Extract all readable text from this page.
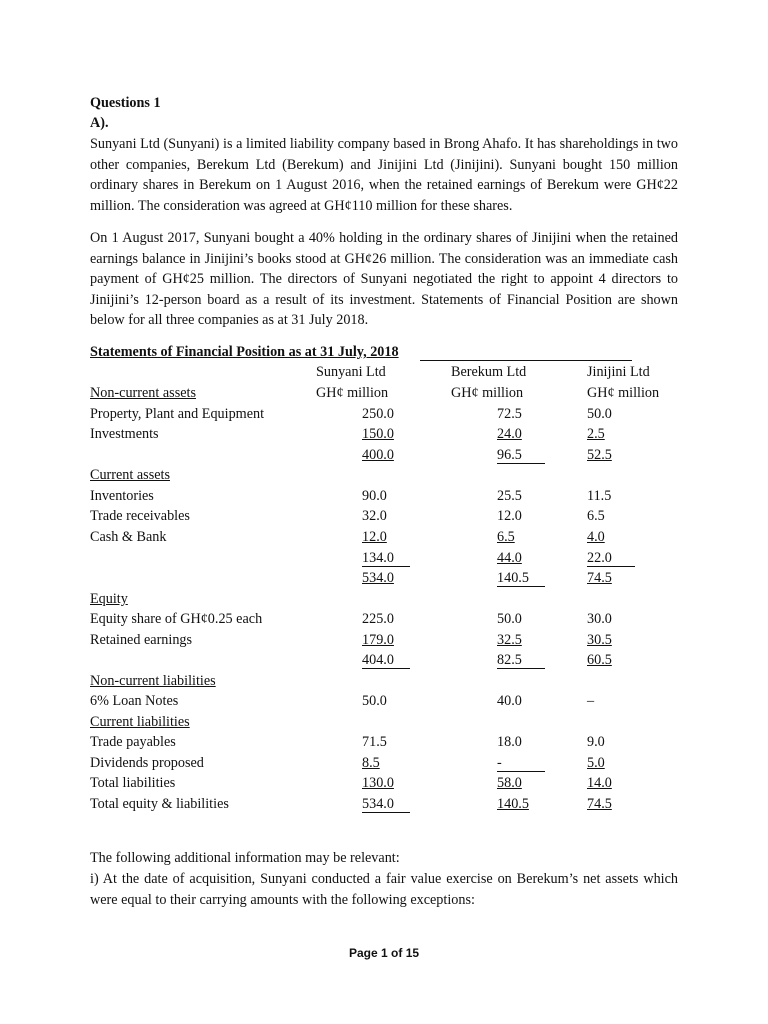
Questions 1
A).

Sunyani Ltd (Sunyani) is a limited liability company based in Brong Ahafo. It has shareholdings in two other companies, Berekum Ltd (Berekum) and Jinijini Ltd (Jinijini). Sunyani bought 150 million ordinary shares in Berekum on 1 August 2016, when the retained earnings of Berekum were GH¢22 million. The consideration was agreed at GH¢110 million for these shares.

On 1 August 2017, Sunyani bought a 40% holding in the ordinary shares of Jinijini when the retained earnings balance in Jinijini’s books stood at GH¢26 million. The consideration was an immediate cash payment of GH¢25 million. The directors of Sunyani negotiated the right to appoint 4 directors to Jinijini’s 12-person board as a result of its investment. Statements of Financial Position are shown below for all three companies as at 31 July 2018.

Statements of Financial Position as at 31 July, 2018
Sunyani Ltd	Berekum Ltd	Jinijini Ltd
Non-current assets	GH¢ million	GH¢ million	GH¢ million
Property, Plant and Equipment	250.0	72.5	50.0
Investments	150.0	24.0	2.5
400.0	96.5	52.5
Current assets
Inventories	90.0	25.5	11.5
Trade receivables	32.0	12.0	6.5
Cash & Bank	12.0	6.5	4.0
134.0	44.0	22.0
534.0	140.5	74.5
Equity
Equity share of GH¢0.25 each	225.0	50.0	30.0
Retained earnings	179.0	32.5	30.5
404.0	82.5	60.5
Non-current liabilities
6% Loan Notes	50.0	40.0	–
Current liabilities
Trade payables	71.5	18.0	9.0
Dividends proposed	8.5	-	5.0
Total liabilities	130.0	58.0	14.0
Total equity & liabilities	534.0	140.5	74.5
The following additional information may be relevant:

i) At the date of acquisition, Sunyani conducted a fair value exercise on Berekum’s net assets which were equal to their carrying amounts with the following exceptions:

Page 1 of 15
